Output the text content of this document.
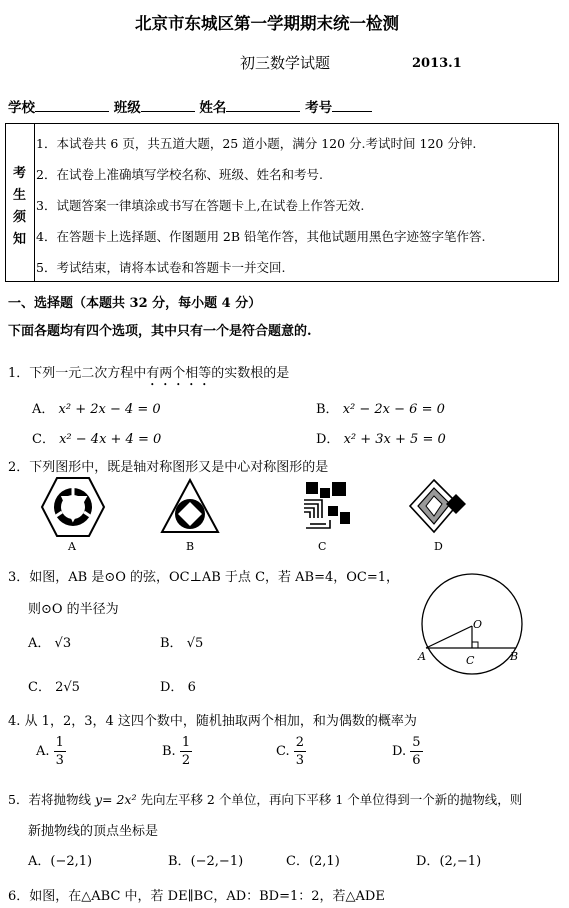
北京市东城区第一学期期末统一检测
初三数学试题	2013.1
学校	班级	姓名	考号
考
生
须
知
1．本试卷共 6 页，共五道大题，25 道小题，满分 120 分.考试时间 120 分钟.
2．在试卷上准确填写学校名称、班级、姓名和考号.
3．试题答案一律填涂或书写在答题卡上,在试卷上作答无效.
4．在答题卡上选择题、作图题用 2B 铅笔作答，其他试题用黑色字迹签字笔作答.
5．考试结束，请将本试卷和答题卡一并交回.
一、选择题（本题共 32 分，每小题 4 分）
下面各题均有四个选项，其中只有一个是符合题意的.
1．下列一元二次方程中有两个相等的实数根的是
A． x² + 2x − 4 = 0	B． x² − 2x − 6 = 0
C． x² − 4x + 4 = 0	D． x² + 3x + 5 = 0
2．下列图形中，既是轴对称图形又是中心对称图形的是
A	B	C	D
3．如图，AB 是⊙O 的弦，OC⊥AB 于点 C，若 AB=4，OC=1，
则⊙O 的半径为
A． √3	B． √5
C． 2√5	D． 6
O
A	C	B
4. 从 1，2，3，4 这四个数中，随机抽取两个相加，和为偶数的概率为
A. $\frac{1}{3}$	B. $\frac{1}{2}$	C. $\frac{2}{3}$	D. $\frac{5}{6}$
5．若将抛物线 y= 2x² 先向左平移 2 个单位，再向下平移 1 个单位得到一个新的抛物线，则
新抛物线的顶点坐标是
A．(−2,1)	B．(−2,−1)	C．(2,1)	D．(2,−1)
6．如图，在△ABC 中，若 DE∥BC，AD：BD=1：2，若△ADE
